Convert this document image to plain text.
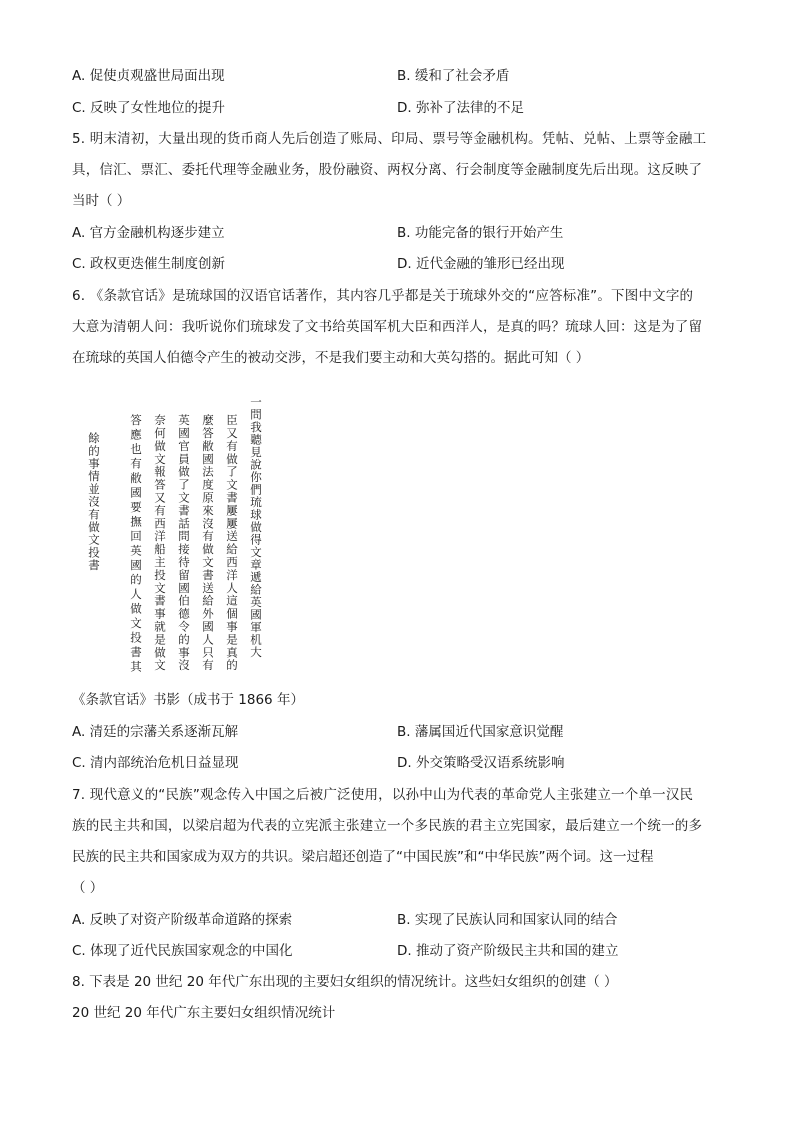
A. 促使贞观盛世局面出现	B. 缓和了社会矛盾
C. 反映了女性地位的提升	D. 弥补了法律的不足
5. 明末清初，大量出现的货币商人先后创造了账局、印局、票号等金融机构。凭帖、兑帖、上票等金融工
具，信汇、票汇、委托代理等金融业务，股份融资、两权分离、行会制度等金融制度先后出现。这反映了
当时（ ）
A. 官方金融机构逐步建立	B. 功能完备的银行开始产生
C. 政权更迭催生制度创新	D. 近代金融的雏形已经出现
6. 《条款官话》是琉球国的汉语官话著作，其内容几乎都是关于琉球外交的“应答标准”。下图中文字的
大意为清朝人问：我听说你们琉球发了文书给英国军机大臣和西洋人，是真的吗？琉球人回：这是为了留
在琉球的英国人伯德令产生的被动交涉，不是我们要主动和大英勾搭的。据此可知（ ）
一問我聽見說你們琉球做得文章遞給英國軍机大
臣又有做了文書屢屢送給西洋人這個事是真的
麼答敝國法度原來沒有做文書送給外國人只有
英國官員做了文書話問接待留國伯德令的事沒
奈何做文報答又有西洋船主投文書事就是做文
答應也有敝國要撫回英國的人做文投書其
餘的事情並沒有做文投書
《条款官话》书影（成书于 1866 年）
A. 清廷的宗藩关系逐渐瓦解	B. 藩属国近代国家意识觉醒
C. 清内部统治危机日益显现	D. 外交策略受汉语系统影响
7. 现代意义的“民族”观念传入中国之后被广泛使用，以孙中山为代表的革命党人主张建立一个单一汉民
族的民主共和国，以梁启超为代表的立宪派主张建立一个多民族的君主立宪国家，最后建立一个统一的多
民族的民主共和国家成为双方的共识。梁启超还创造了“中国民族”和“中华民族”两个词。这一过程
（ ）
A. 反映了对资产阶级革命道路的探索	B. 实现了民族认同和国家认同的结合
C. 体现了近代民族国家观念的中国化	D. 推动了资产阶级民主共和国的建立
8. 下表是 20 世纪 20 年代广东出现的主要妇女组织的情况统计。这些妇女组织的创建（ ）
20 世纪 20 年代广东主要妇女组织情况统计
